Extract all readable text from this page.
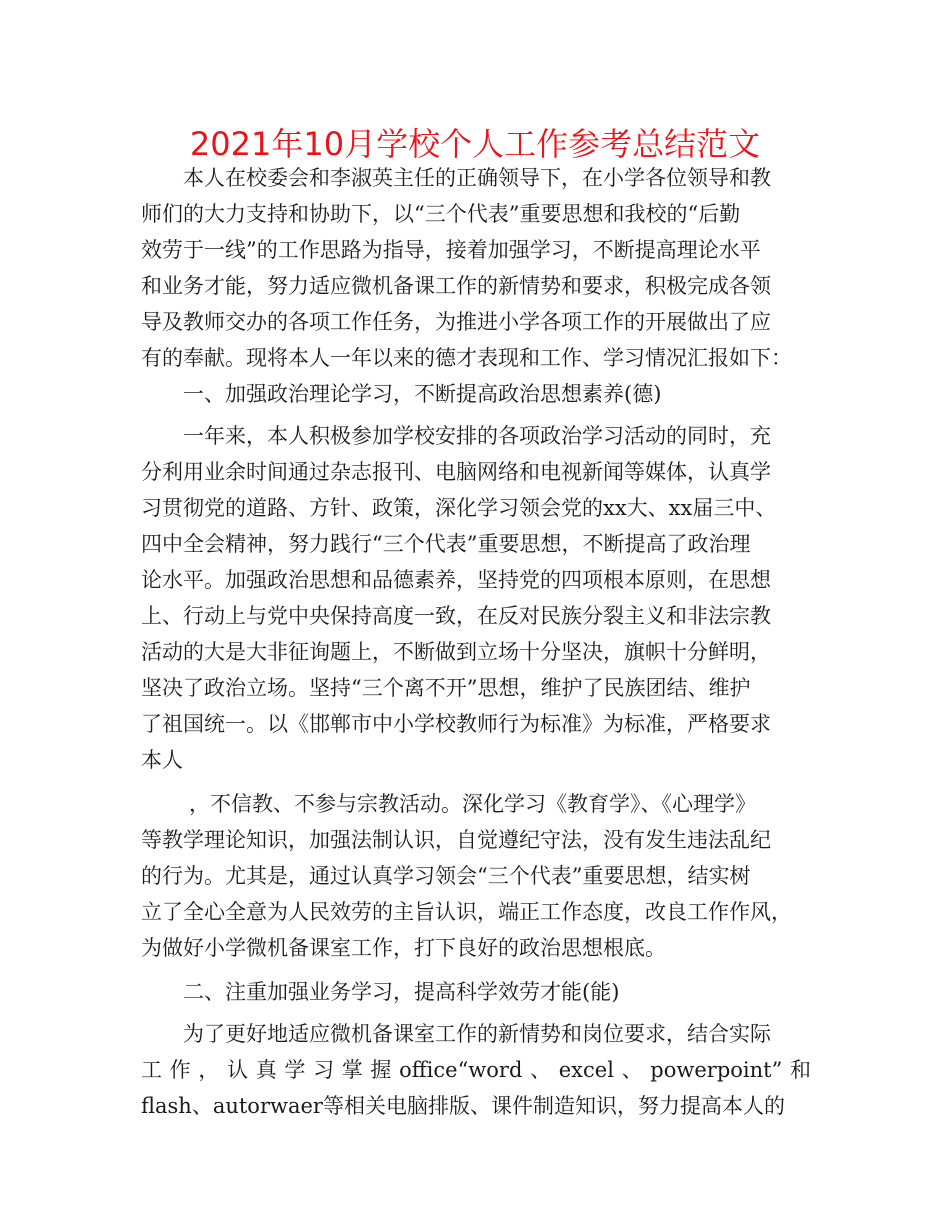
2021年10月学校个人工作参考总结范文
本人在校委会和李淑英主任的正确领导下，在小学各位领导和教
师们的大力支持和协助下，以“三个代表”重要思想和我校的“后勤
效劳于一线”的工作思路为指导，接着加强学习，不断提高理论水平
和业务才能，努力适应微机备课工作的新情势和要求，积极完成各领
导及教师交办的各项工作任务，为推进小学各项工作的开展做出了应
有的奉献。现将本人一年以来的德才表现和工作、学习情况汇报如下：
一、加强政治理论学习，不断提高政治思想素养(德)
一年来，本人积极参加学校安排的各项政治学习活动的同时，充
分利用业余时间通过杂志报刊、电脑网络和电视新闻等媒体，认真学
习贯彻党的道路、方针、政策，深化学习领会党的xx大、xx届三中、
四中全会精神，努力践行“三个代表”重要思想，不断提高了政治理
论水平。加强政治思想和品德素养，坚持党的四项根本原则，在思想
上、行动上与党中央保持高度一致，在反对民族分裂主义和非法宗教
活动的大是大非征询题上，不断做到立场十分坚决，旗帜十分鲜明，
坚决了政治立场。坚持“三个离不开”思想，维护了民族团结、维护
了祖国统一。以《邯郸市中小学校教师行为标准》为标准，严格要求
本人
，不信教、不参与宗教活动。深化学习《教育学》、《心理学》
等教学理论知识，加强法制认识，自觉遵纪守法，没有发生违法乱纪
的行为。尤其是，通过认真学习领会“三个代表”重要思想，结实树
立了全心全意为人民效劳的主旨认识，端正工作态度，改良工作作风，
为做好小学微机备课室工作，打下良好的政治思想根底。
二、注重加强业务学习，提高科学效劳才能(能)
为了更好地适应微机备课室工作的新情势和岗位要求，结合实际
工作，认真学习掌握office“word、excel、powerpoint”和
flash、autorwaer等相关电脑排版、课件制造知识，努力提高本人的
